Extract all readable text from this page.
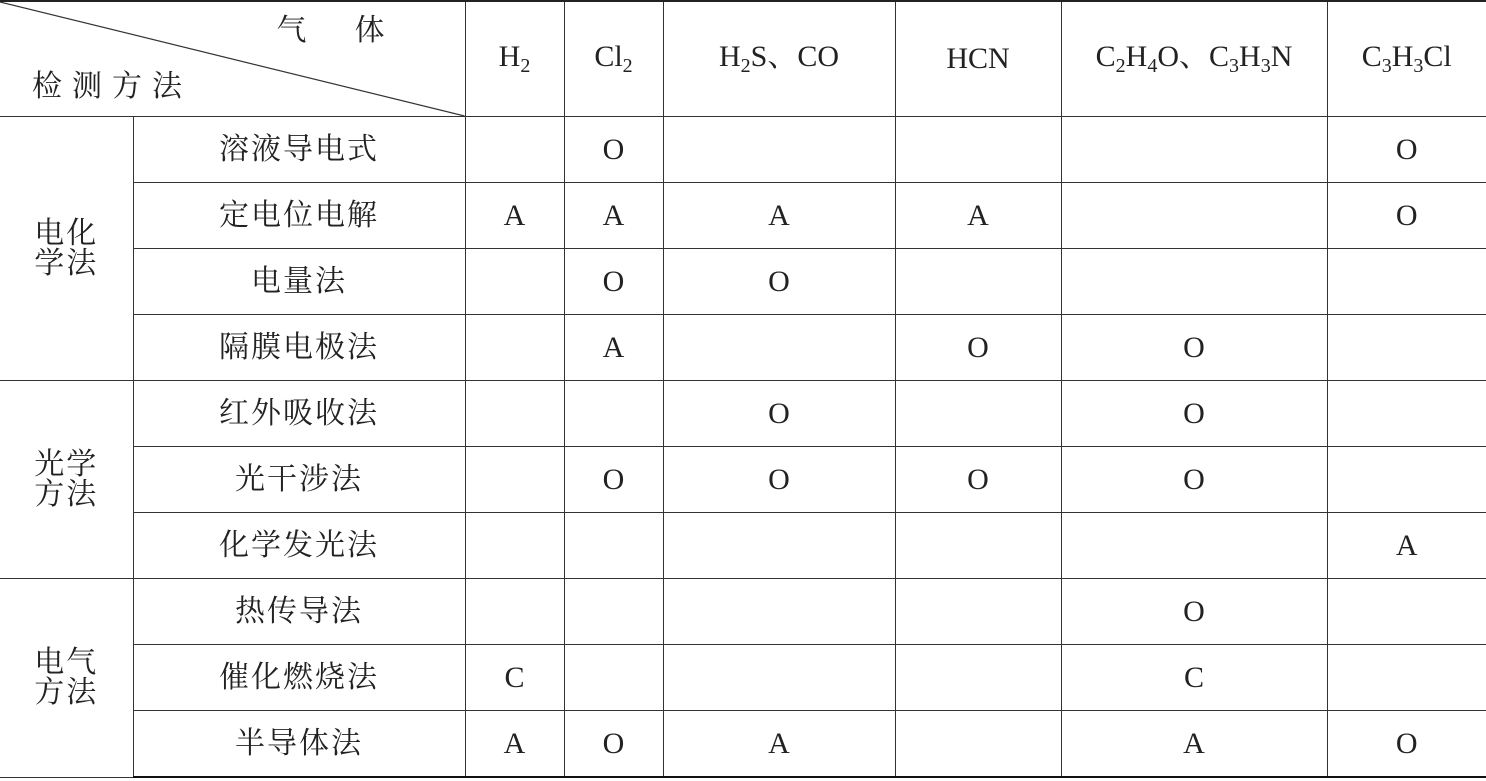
气体
检测方法		$H_2$	$Cl_2$	$H_2S$、CO	HCN	$C_2H_4O$、$C_3H_3N$	$C_3H_3Cl$

电化学法	溶液导电式		O				O
	定电位电解	A	A	A	A		O
	电量法		O	O			
	隔膜电极法		A		O	O	

光学方法	红外吸收法			O		O	
	光干涉法		O	O	O	O	
	化学发光法						A

电气方法	热传导法					O	
	催化燃烧法	C				C	
	半导体法	A	O	A		A	O
